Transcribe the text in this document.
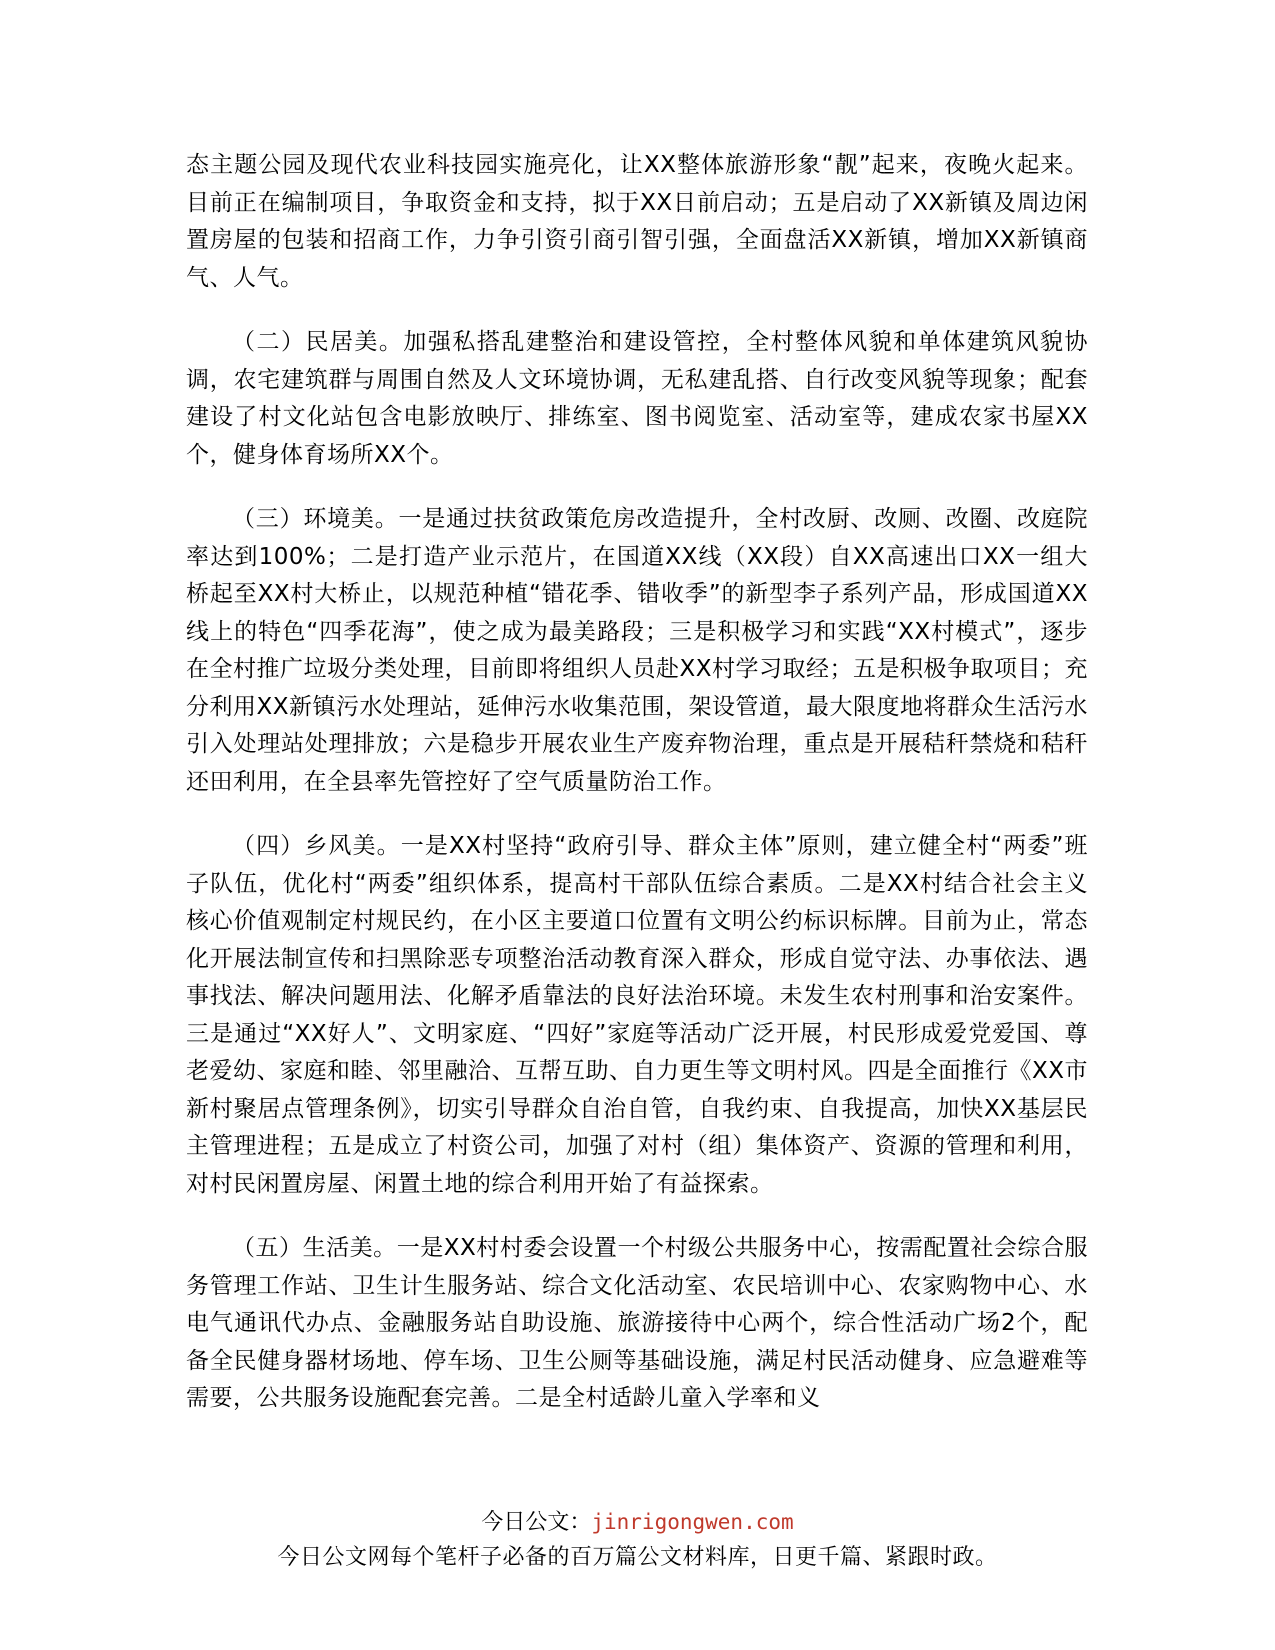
态主题公园及现代农业科技园实施亮化，让XX整体旅游形象“靓”起来，夜晚火起来。目前正在编制项目，争取资金和支持，拟于XX日前启动；五是启动了XX新镇及周边闲置房屋的包装和招商工作，力争引资引商引智引强，全面盘活XX新镇，增加XX新镇商气、人气。

（二）民居美。加强私搭乱建整治和建设管控，全村整体风貌和单体建筑风貌协调，农宅建筑群与周围自然及人文环境协调，无私建乱搭、自行改变风貌等现象；配套建设了村文化站包含电影放映厅、排练室、图书阅览室、活动室等，建成农家书屋XX个，健身体育场所XX个。

（三）环境美。一是通过扶贫政策危房改造提升，全村改厨、改厕、改圈、改庭院率达到100%；二是打造产业示范片，在国道XX线（XX段）自XX高速出口XX一组大桥起至XX村大桥止，以规范种植“错花季、错收季”的新型李子系列产品，形成国道XX线上的特色“四季花海”，使之成为最美路段；三是积极学习和实践“XX村模式”，逐步在全村推广垃圾分类处理，目前即将组织人员赴XX村学习取经；五是积极争取项目；充分利用XX新镇污水处理站，延伸污水收集范围，架设管道，最大限度地将群众生活污水引入处理站处理排放；六是稳步开展农业生产废弃物治理，重点是开展秸秆禁烧和秸秆还田利用，在全县率先管控好了空气质量防治工作。

（四）乡风美。一是XX村坚持“政府引导、群众主体”原则，建立健全村“两委”班子队伍，优化村“两委”组织体系，提高村干部队伍综合素质。二是XX村结合社会主义核心价值观制定村规民约，在小区主要道口位置有文明公约标识标牌。目前为止，常态化开展法制宣传和扫黑除恶专项整治活动教育深入群众，形成自觉守法、办事依法、遇事找法、解决问题用法、化解矛盾靠法的良好法治环境。未发生农村刑事和治安案件。三是通过“XX好人”、文明家庭、“四好”家庭等活动广泛开展，村民形成爱党爱国、尊老爱幼、家庭和睦、邻里融洽、互帮互助、自力更生等文明村风。四是全面推行《XX市新村聚居点管理条例》，切实引导群众自治自管，自我约束、自我提高，加快XX基层民主管理进程；五是成立了村资公司，加强了对村（组）集体资产、资源的管理和利用，对村民闲置房屋、闲置土地的综合利用开始了有益探索。

（五）生活美。一是XX村村委会设置一个村级公共服务中心，按需配置社会综合服务管理工作站、卫生计生服务站、综合文化活动室、农民培训中心、农家购物中心、水电气通讯代办点、金融服务站自助设施、旅游接待中心两个，综合性活动广场2个，配备全民健身器材场地、停车场、卫生公厕等基础设施，满足村民活动健身、应急避难等需要，公共服务设施配套完善。二是全村适龄儿童入学率和义

今日公文：jinrigongwen.com
今日公文网每个笔杆子必备的百万篇公文材料库，日更千篇、紧跟时政。
